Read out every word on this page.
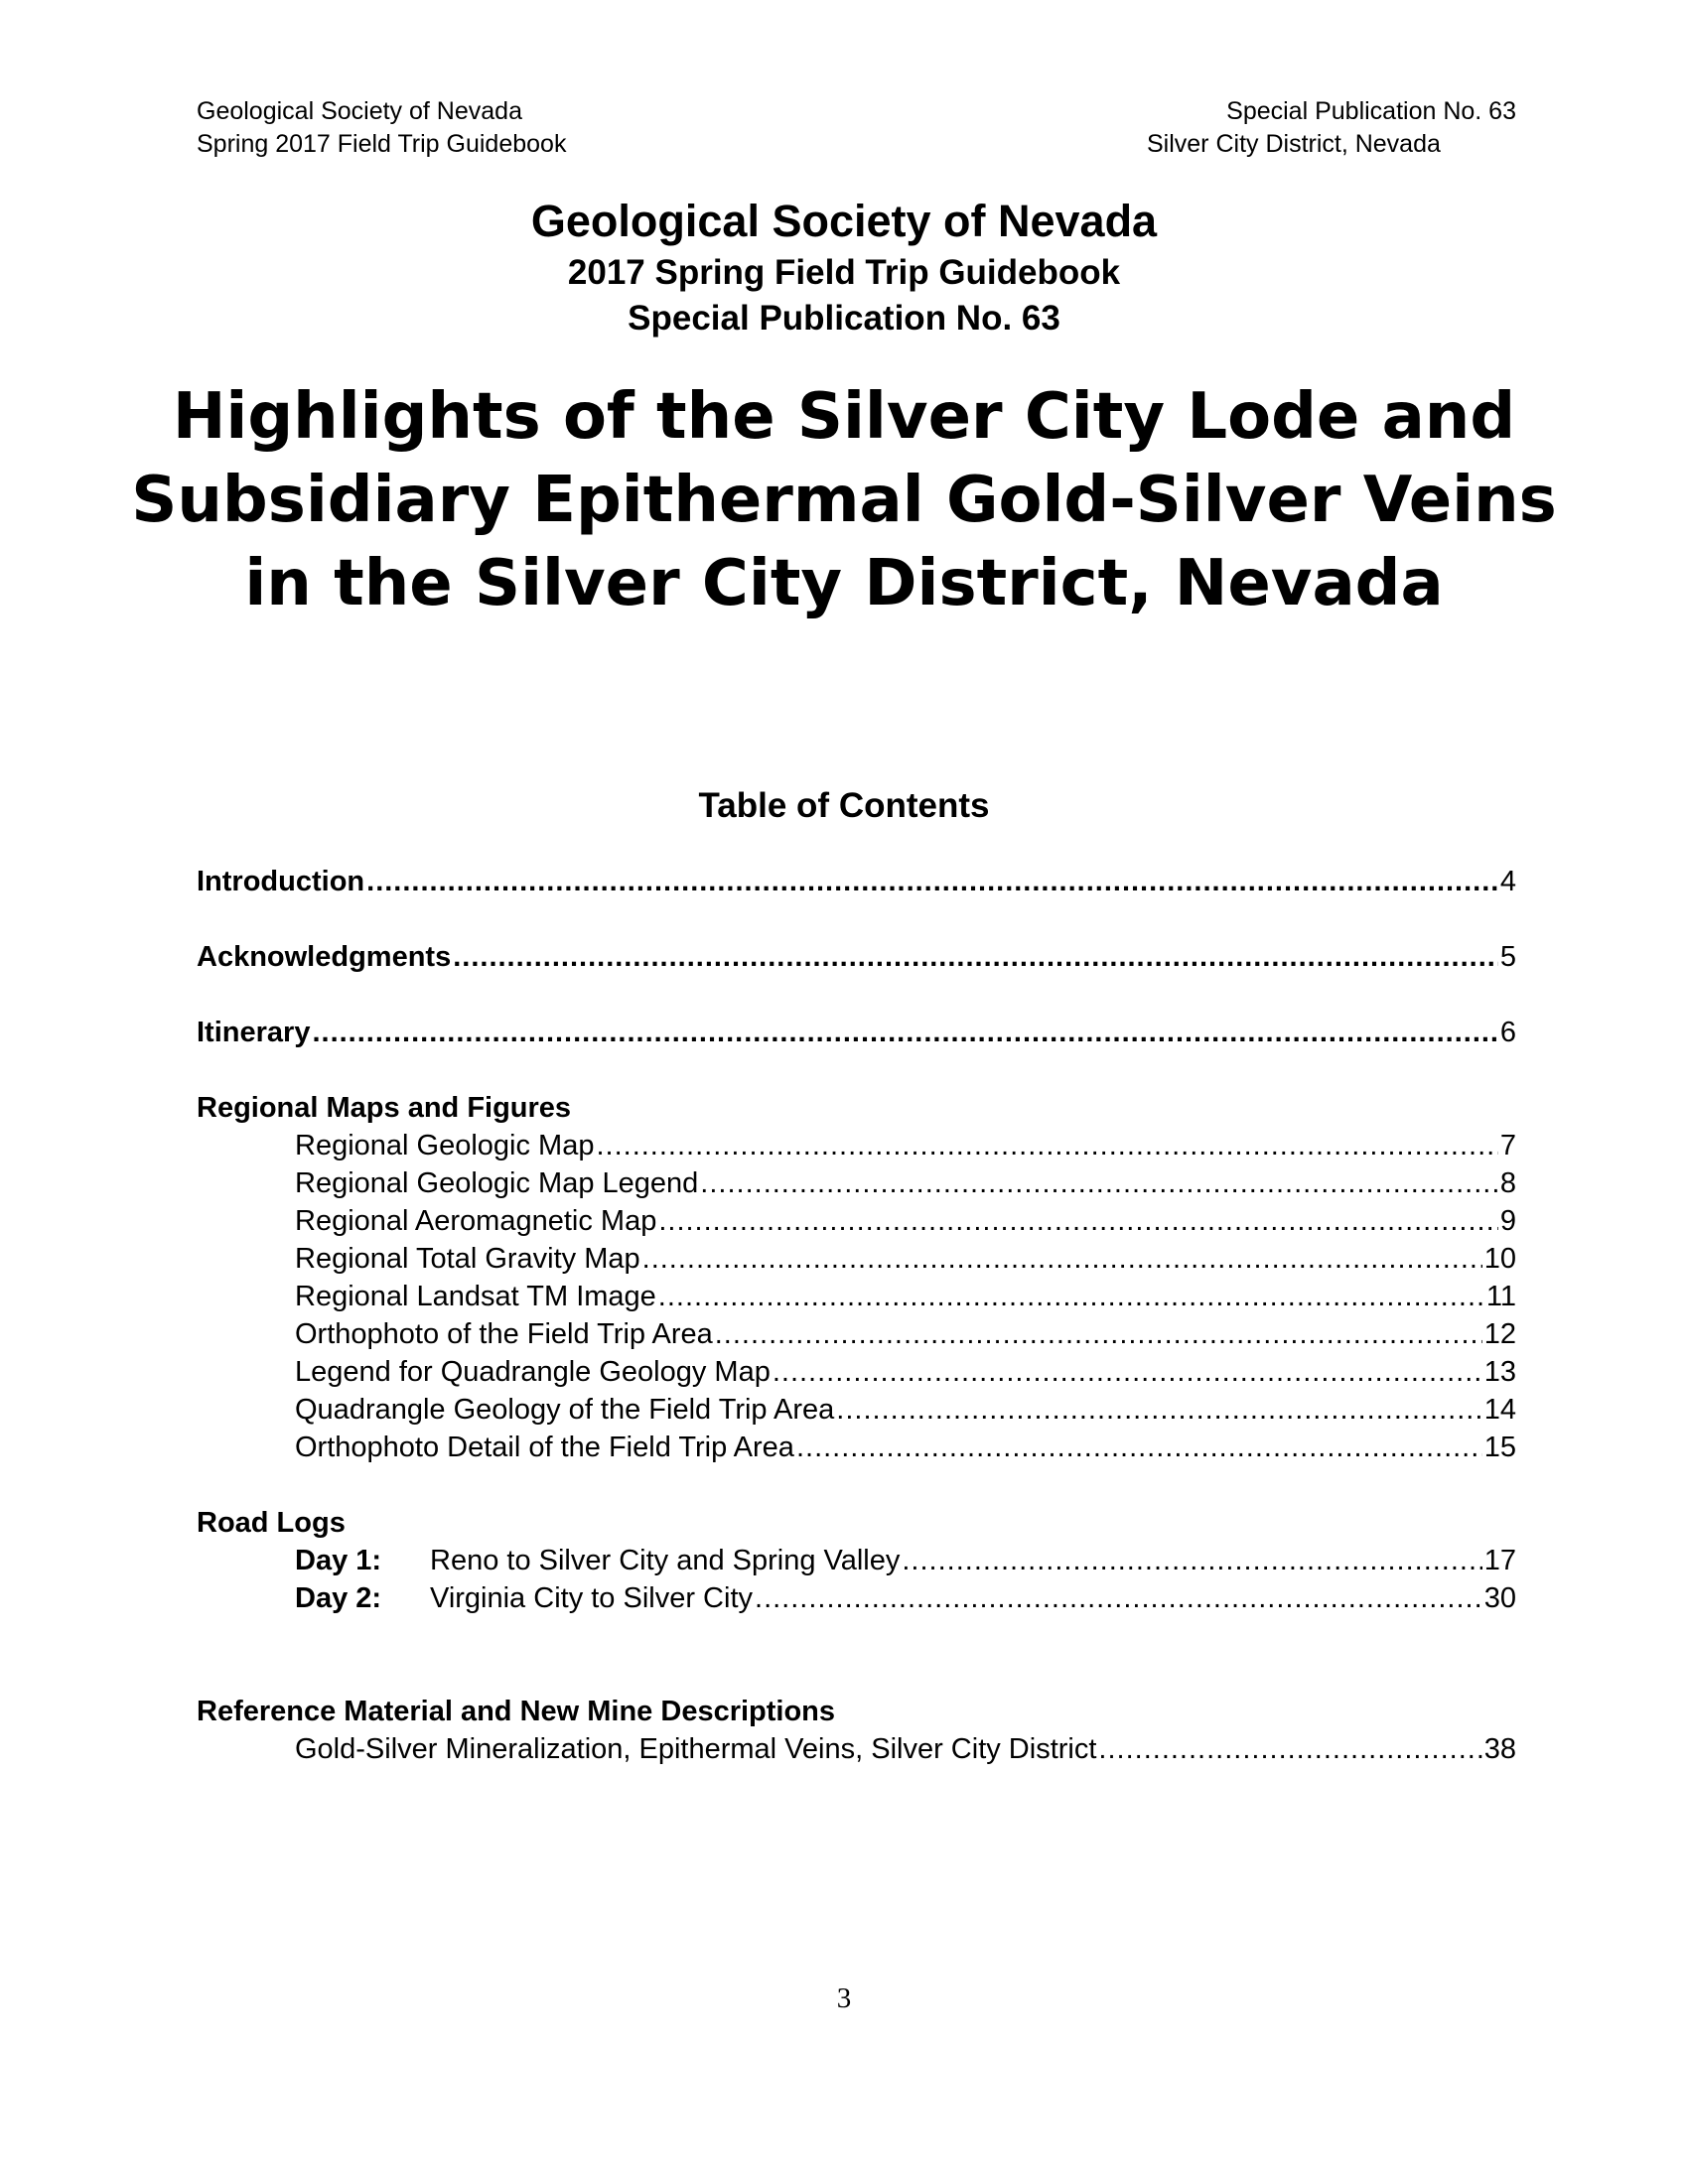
Geological Society of Nevada
Spring 2017 Field Trip Guidebook
Special Publication No. 63
Silver City District, Nevada
Geological Society of Nevada
2017 Spring Field Trip Guidebook
Special Publication No. 63
Highlights of the Silver City Lode and
Subsidiary Epithermal Gold-Silver Veins
in the Silver City District, Nevada
Table of Contents
Introduction .....	4
Acknowledgments .....	5
Itinerary .....	6
Regional Maps and Figures
Regional Geologic Map .....	7
Regional Geologic Map Legend .....	8
Regional Aeromagnetic Map .....	9
Regional Total Gravity Map .....	10
Regional Landsat TM Image .....	11
Orthophoto of the Field Trip Area .....	12
Legend for Quadrangle Geology Map .....	13
Quadrangle Geology of the Field Trip Area .....	14
Orthophoto Detail of the Field Trip Area .....	15
Road Logs
Day 1: Reno to Silver City and Spring Valley .....	17
Day 2: Virginia City to Silver City .....	30
Reference Material and New Mine Descriptions
Gold-Silver Mineralization, Epithermal Veins, Silver City District .....	38
3
